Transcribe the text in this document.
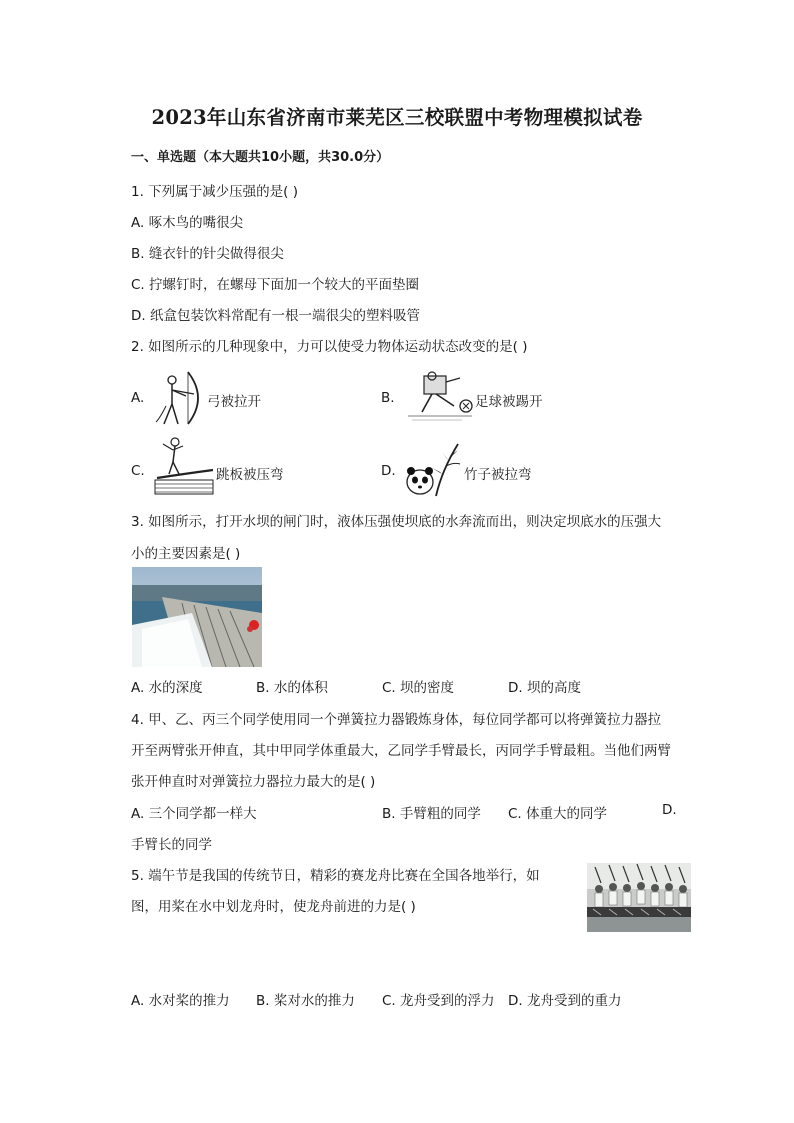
2023年山东省济南市莱芜区三校联盟中考物理模拟试卷
一、单选题（本大题共10小题，共30.0分）
1. 下列属于减少压强的是( )
A. 啄木鸟的嘴很尖
B. 缝衣针的针尖做得很尖
C. 拧螺钉时，在螺母下面加一个较大的平面垫圈
D. 纸盒包装饮料常配有一根一端很尖的塑料吸管
2. 如图所示的几种现象中，力可以使受力物体运动状态改变的是( )
A.	弓被拉开	B.	足球被踢开
C.	跳板被压弯	D.	竹子被拉弯
3. 如图所示，打开水坝的闸门时，液体压强使坝底的水奔流而出，则决定坝底水的压强大
小的主要因素是( )
A. 水的深度	B. 水的体积	C. 坝的密度	D. 坝的高度
4. 甲、乙、丙三个同学使用同一个弹簧拉力器锻炼身体，每位同学都可以将弹簧拉力器拉
开至两臂张开伸直，其中甲同学体重最大，乙同学手臂最长，丙同学手臂最粗。当他们两臂
张开伸直时对弹簧拉力器拉力最大的是( )
A. 三个同学都一样大	B. 手臂粗的同学 C. 体重大的同学	D.
手臂长的同学
5. 端午节是我国的传统节日，精彩的赛龙舟比赛在全国各地举行，如
图，用桨在水中划龙舟时，使龙舟前进的力是( )
A. 水对桨的推力 B. 桨对水的推力 C. 龙舟受到的浮力 D. 龙舟受到的重力
